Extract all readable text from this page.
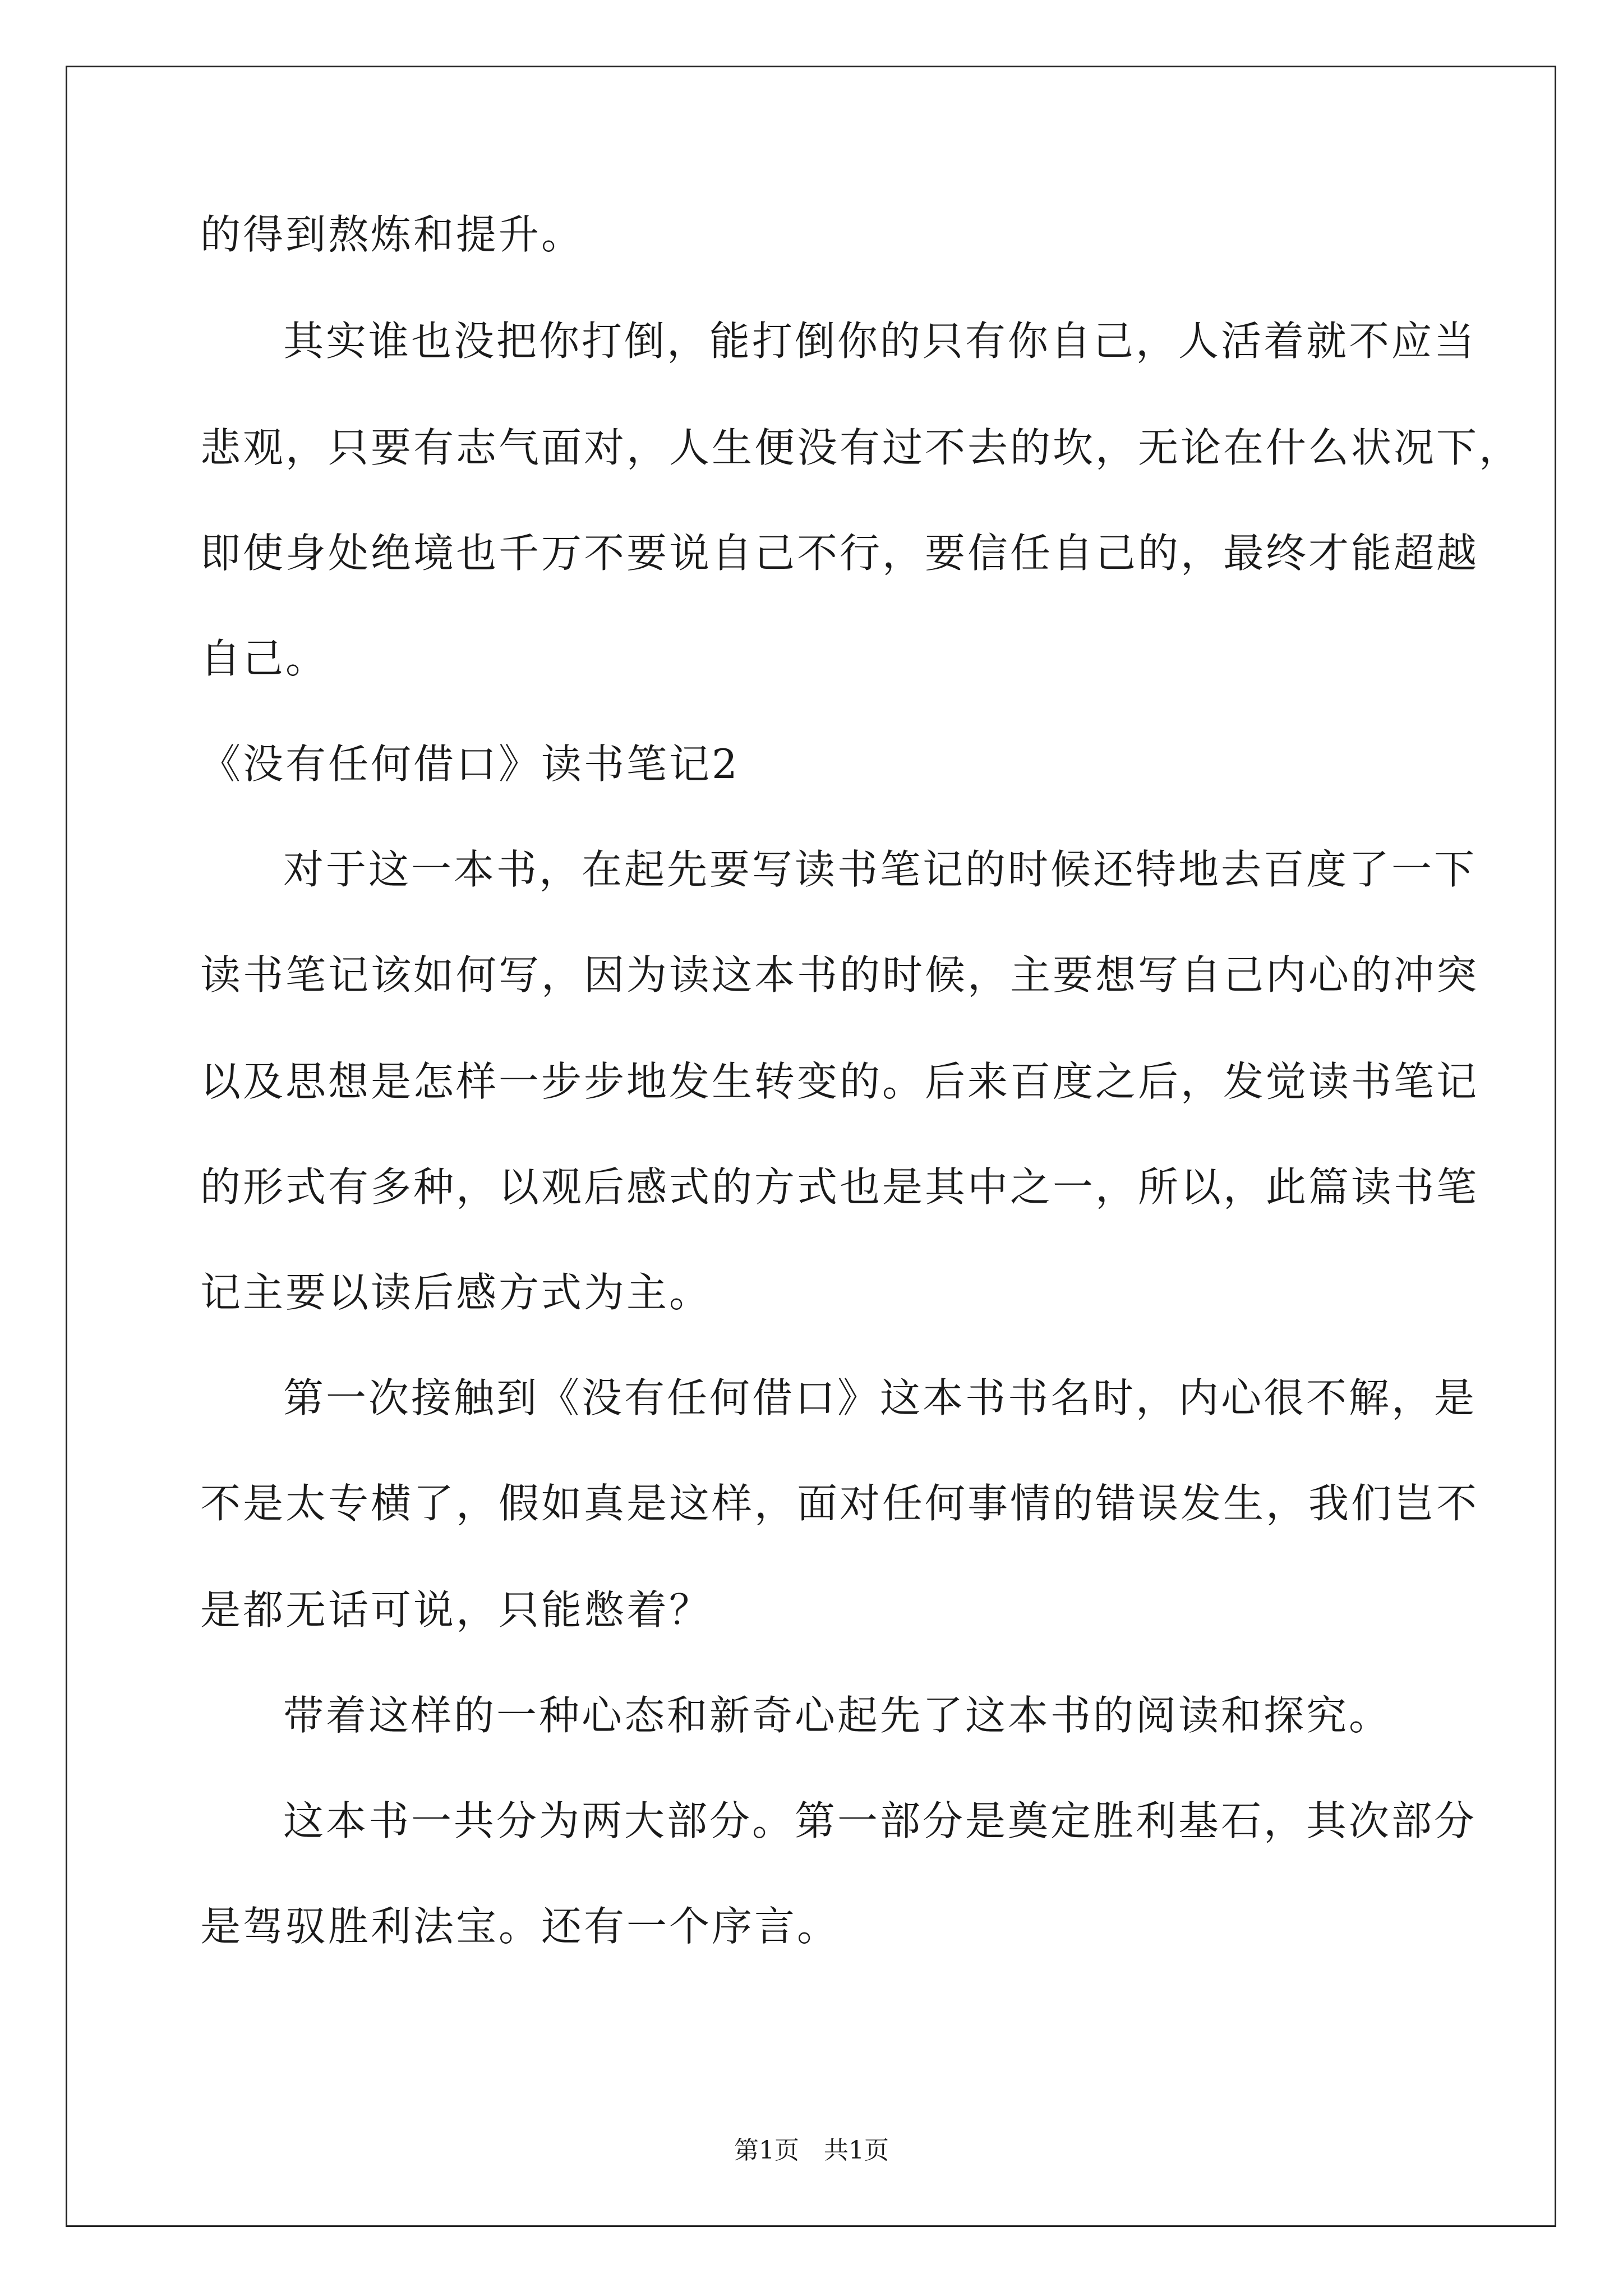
的得到熬炼和提升。
其实谁也没把你打倒，能打倒你的只有你自己，人活着就不应当
悲观，只要有志气面对，人生便没有过不去的坎，无论在什么状况下，
即使身处绝境也千万不要说自己不行，要信任自己的，最终才能超越
自己。
《没有任何借口》读书笔记2
对于这一本书，在起先要写读书笔记的时候还特地去百度了一下
读书笔记该如何写，因为读这本书的时候，主要想写自己内心的冲突
以及思想是怎样一步步地发生转变的。后来百度之后，发觉读书笔记
的形式有多种，以观后感式的方式也是其中之一，所以，此篇读书笔
记主要以读后感方式为主。
第一次接触到《没有任何借口》这本书书名时，内心很不解，是
不是太专横了，假如真是这样，面对任何事情的错误发生，我们岂不
是都无话可说，只能憋着？
带着这样的一种心态和新奇心起先了这本书的阅读和探究。
这本书一共分为两大部分。第一部分是奠定胜利基石，其次部分
是驾驭胜利法宝。还有一个序言。
第1页　共1页
